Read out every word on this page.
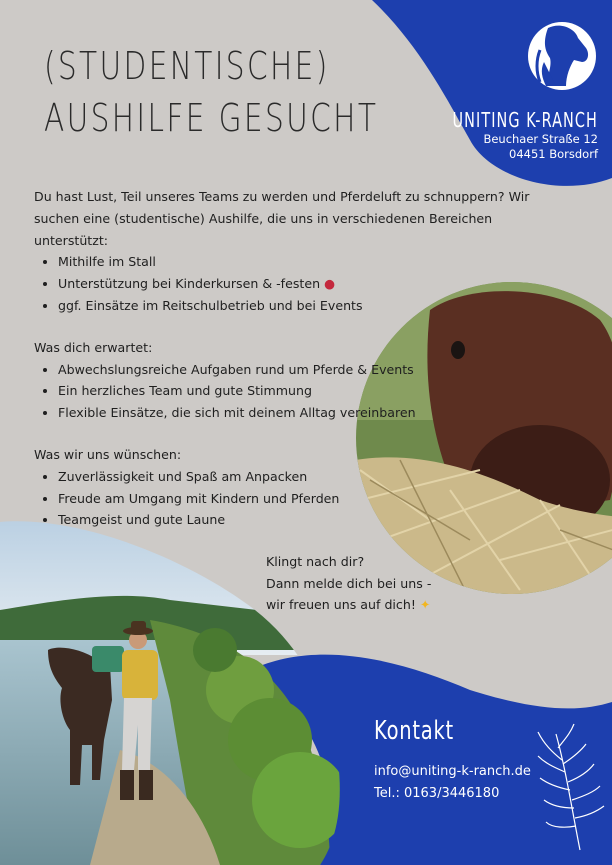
(STUDENTISCHE)
AUSHILFE GESUCHT	UNITING K-RANCH
Beuchaer Straße 12
04451 Borsdorf

Du hast Lust, Teil unseres Teams zu werden und Pferdeluft zu schnuppern? Wir suchen eine (studentische) Aushilfe, die uns in verschiedenen Bereichen unterstützt:

• Mithilfe im Stall
• Unterstützung bei Kinderkursen & -festen ●
• ggf. Einsätze im Reitschulbetrieb und bei Events

Was dich erwartet:

• Abwechslungsreiche Aufgaben rund um Pferde & Events
• Ein herzliches Team und gute Stimmung
• Flexible Einsätze, die sich mit deinem Alltag vereinbaren

Was wir uns wünschen:

• Zuverlässigkeit und Spaß am Anpacken
• Freude am Umgang mit Kindern und Pferden
• Teamgeist und gute Laune
Klingt nach dir?
Dann melde dich bei uns -
wir freuen uns auf dich! ✦
Kontakt
info@uniting-k-ranch.de
Tel.: 0163/3446180
